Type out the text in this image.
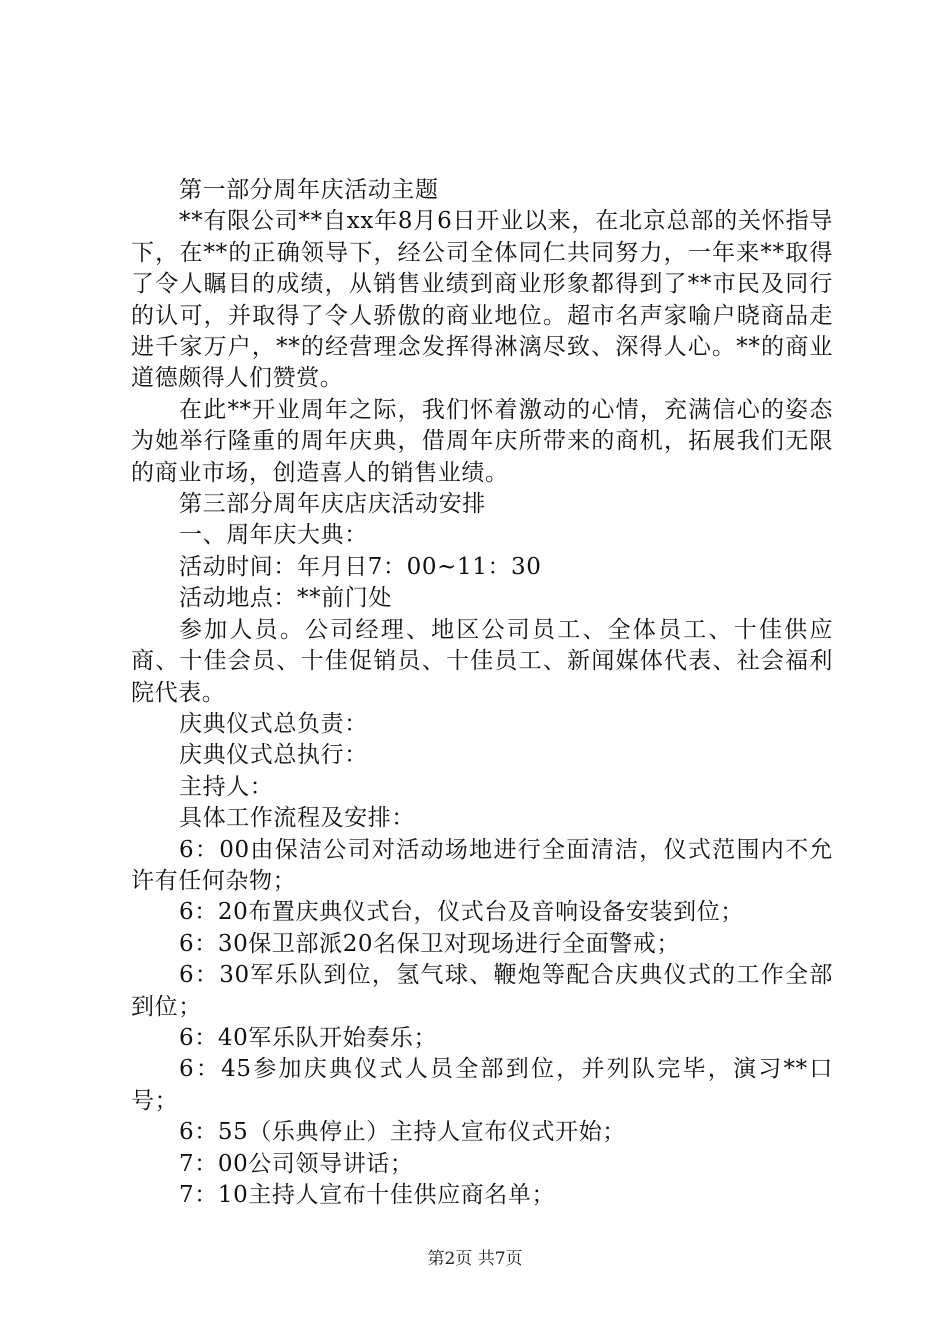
第一部分周年庆活动主题

**有限公司**自xx年8月6日开业以来，在北京总部的关怀指导下，在**的正确领导下，经公司全体同仁共同努力，一年来**取得了令人瞩目的成绩，从销售业绩到商业形象都得到了**市民及同行的认可，并取得了令人骄傲的商业地位。超市名声家喻户晓商品走进千家万户，**的经营理念发挥得淋漓尽致、深得人心。**的商业道德颇得人们赞赏。

在此**开业周年之际，我们怀着激动的心情，充满信心的姿态为她举行隆重的周年庆典，借周年庆所带来的商机，拓展我们无限的商业市场，创造喜人的销售业绩。

第三部分周年庆店庆活动安排

一、周年庆大典：

活动时间：年月日7：00~11：30

活动地点：**前门处

参加人员。公司经理、地区公司员工、全体员工、十佳供应商、十佳会员、十佳促销员、十佳员工、新闻媒体代表、社会福利院代表。

庆典仪式总负责：

庆典仪式总执行：

主持人：

具体工作流程及安排：

6：00由保洁公司对活动场地进行全面清洁，仪式范围内不允许有任何杂物；

6：20布置庆典仪式台，仪式台及音响设备安装到位；

6：30保卫部派20名保卫对现场进行全面警戒；

6：30军乐队到位，氢气球、鞭炮等配合庆典仪式的工作全部到位；

6：40军乐队开始奏乐；

6：45参加庆典仪式人员全部到位，并列队完毕，演习**口号；

6：55（乐典停止）主持人宣布仪式开始；

7：00公司领导讲话；

7：10主持人宣布十佳供应商名单；

第2页 共7页
